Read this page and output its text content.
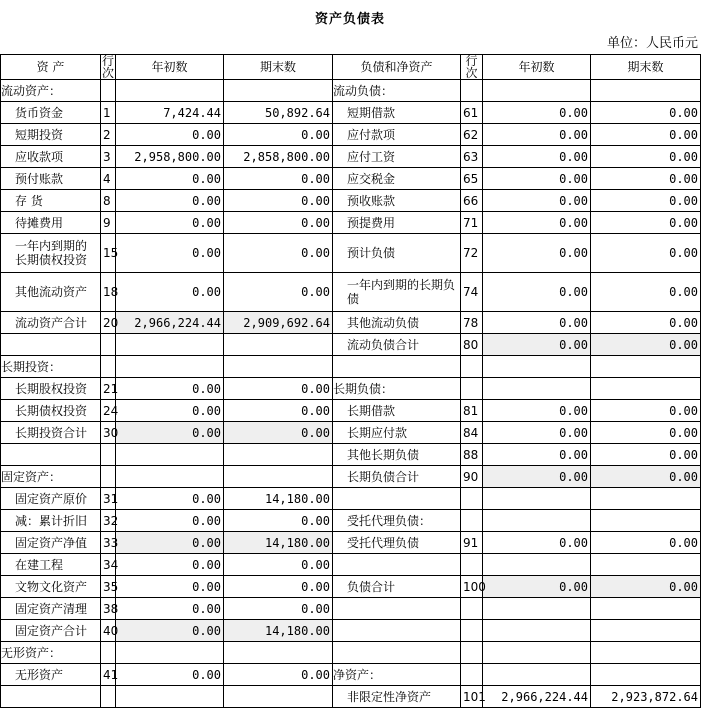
资产负债表
单位：人民币元
资 产	行次	年初数	期末数	负债和净资产	行次	年初数	期末数
流动资产：				流动负债：			
货币资金	1	7,424.44	50,892.64	短期借款	61	0.00	0.00
短期投资	2	0.00	0.00	应付款项	62	0.00	0.00
应收款项	3	2,958,800.00	2,858,800.00	应付工资	63	0.00	0.00
预付账款	4	0.00	0.00	应交税金	65	0.00	0.00
存 货	8	0.00	0.00	预收账款	66	0.00	0.00
待摊费用	9	0.00	0.00	预提费用	71	0.00	0.00
一年内到期的长期债权投资	15	0.00	0.00	预计负债	72	0.00	0.00
其他流动资产	18	0.00	0.00	一年内到期的长期负债	74	0.00	0.00
流动资产合计	20	2,966,224.44	2,909,692.64	其他流动负债	78	0.00	0.00
				流动负债合计	80	0.00	0.00
长期投资：							
长期股权投资	21	0.00	0.00	长期负债：			
长期债权投资	24	0.00	0.00	长期借款	81	0.00	0.00
长期投资合计	30	0.00	0.00	长期应付款	84	0.00	0.00
				其他长期负债	88	0.00	0.00
固定资产：				长期负债合计	90	0.00	0.00
固定资产原价	31	0.00	14,180.00				
减：累计折旧	32	0.00	0.00	受托代理负债：			
固定资产净值	33	0.00	14,180.00	受托代理负债	91	0.00	0.00
在建工程	34	0.00	0.00				
文物文化资产	35	0.00	0.00	负债合计	100	0.00	0.00
固定资产清理	38	0.00	0.00				
固定资产合计	40	0.00	14,180.00				
无形资产：							
无形资产	41	0.00	0.00	净资产：			
				非限定性净资产	101	2,966,224.44	2,923,872.64
